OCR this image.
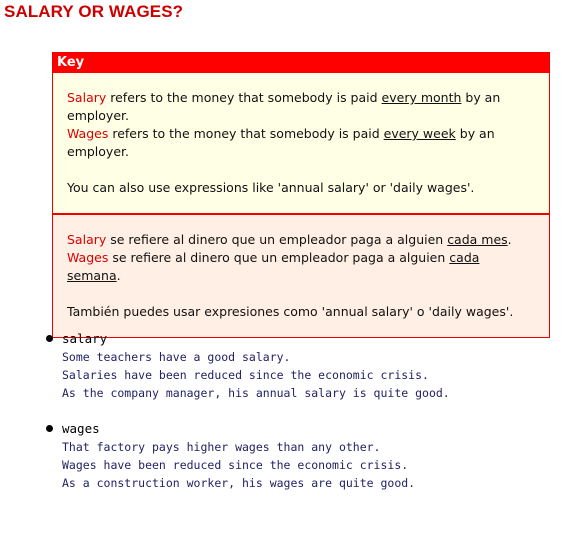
SALARY OR WAGES?
Key
Salary refers to the money that somebody is paid every month by an employer.
Wages refers to the money that somebody is paid every week by an employer.
You can also use expressions like 'annual salary' or 'daily wages'.
Salary se refiere al dinero que un empleador paga a alguien cada mes.
Wages se refiere al dinero que un empleador paga a alguien cada semana.
También puedes usar expresiones como 'annual salary' o 'daily wages'.
salary
Some teachers have a good salary.
Salaries have been reduced since the economic crisis.
As the company manager, his annual salary is quite good.
wages
That factory pays higher wages than any other.
Wages have been reduced since the economic crisis.
As a construction worker, his wages are quite good.
